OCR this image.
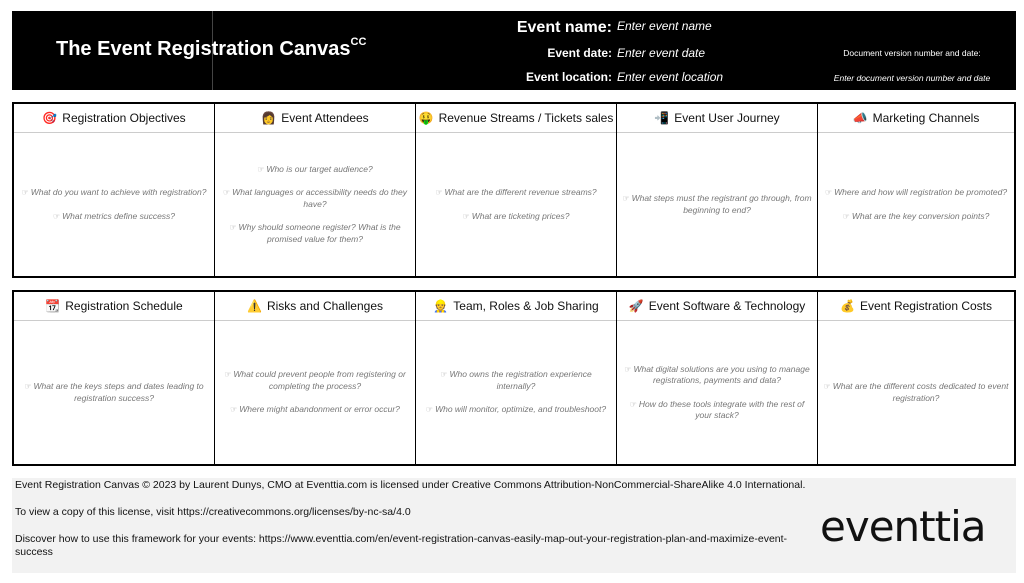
The Event Registration Canvas$^{CC}$
Event name: Enter event name
Event date: Enter event date
Event location: Enter event location
Document version number and date:
Enter document version number and date
🎯 Registration Objectives
☞ What do you want to achieve with registration?
☞ What metrics define success?
👩 Event Attendees
☞ Who is our target audience?
☞ What languages or accessibility needs do they have?
☞ Why should someone register? What is the promised value for them?
🤑 Revenue Streams / Tickets sales
☞ What are the different revenue streams?
☞ What are ticketing prices?
📲 Event User Journey
☞ What steps must the registrant go through, from beginning to end?
📣 Marketing Channels
☞ Where and how will registration be promoted?
☞ What are the key conversion points?
📆 Registration Schedule
☞ What are the keys steps and dates leading to registration success?
⚠️ Risks and Challenges
☞ What could prevent people from registering or completing the process?
☞ Where might abandonment or error occur?
👷 Team, Roles & Job Sharing
☞ Who owns the registration experience internally?
☞ Who will monitor, optimize, and troubleshoot?
🚀 Event Software & Technology
☞ What digital solutions are you using to manage registrations, payments and data?
☞ How do these tools integrate with the rest of your stack?
💰 Event Registration Costs
☞ What are the different costs dedicated to event registration?
Event Registration Canvas © 2023 by Laurent Dunys, CMO at Eventtia.com is licensed under Creative Commons Attribution-NonCommercial-ShareAlike 4.0 International.
To view a copy of this license, visit https://creativecommons.org/licenses/by-nc-sa/4.0
Discover how to use this framework for your events: https://www.eventtia.com/en/event-registration-canvas-easily-map-out-your-registration-plan-and-maximize-event-success
eventtia
